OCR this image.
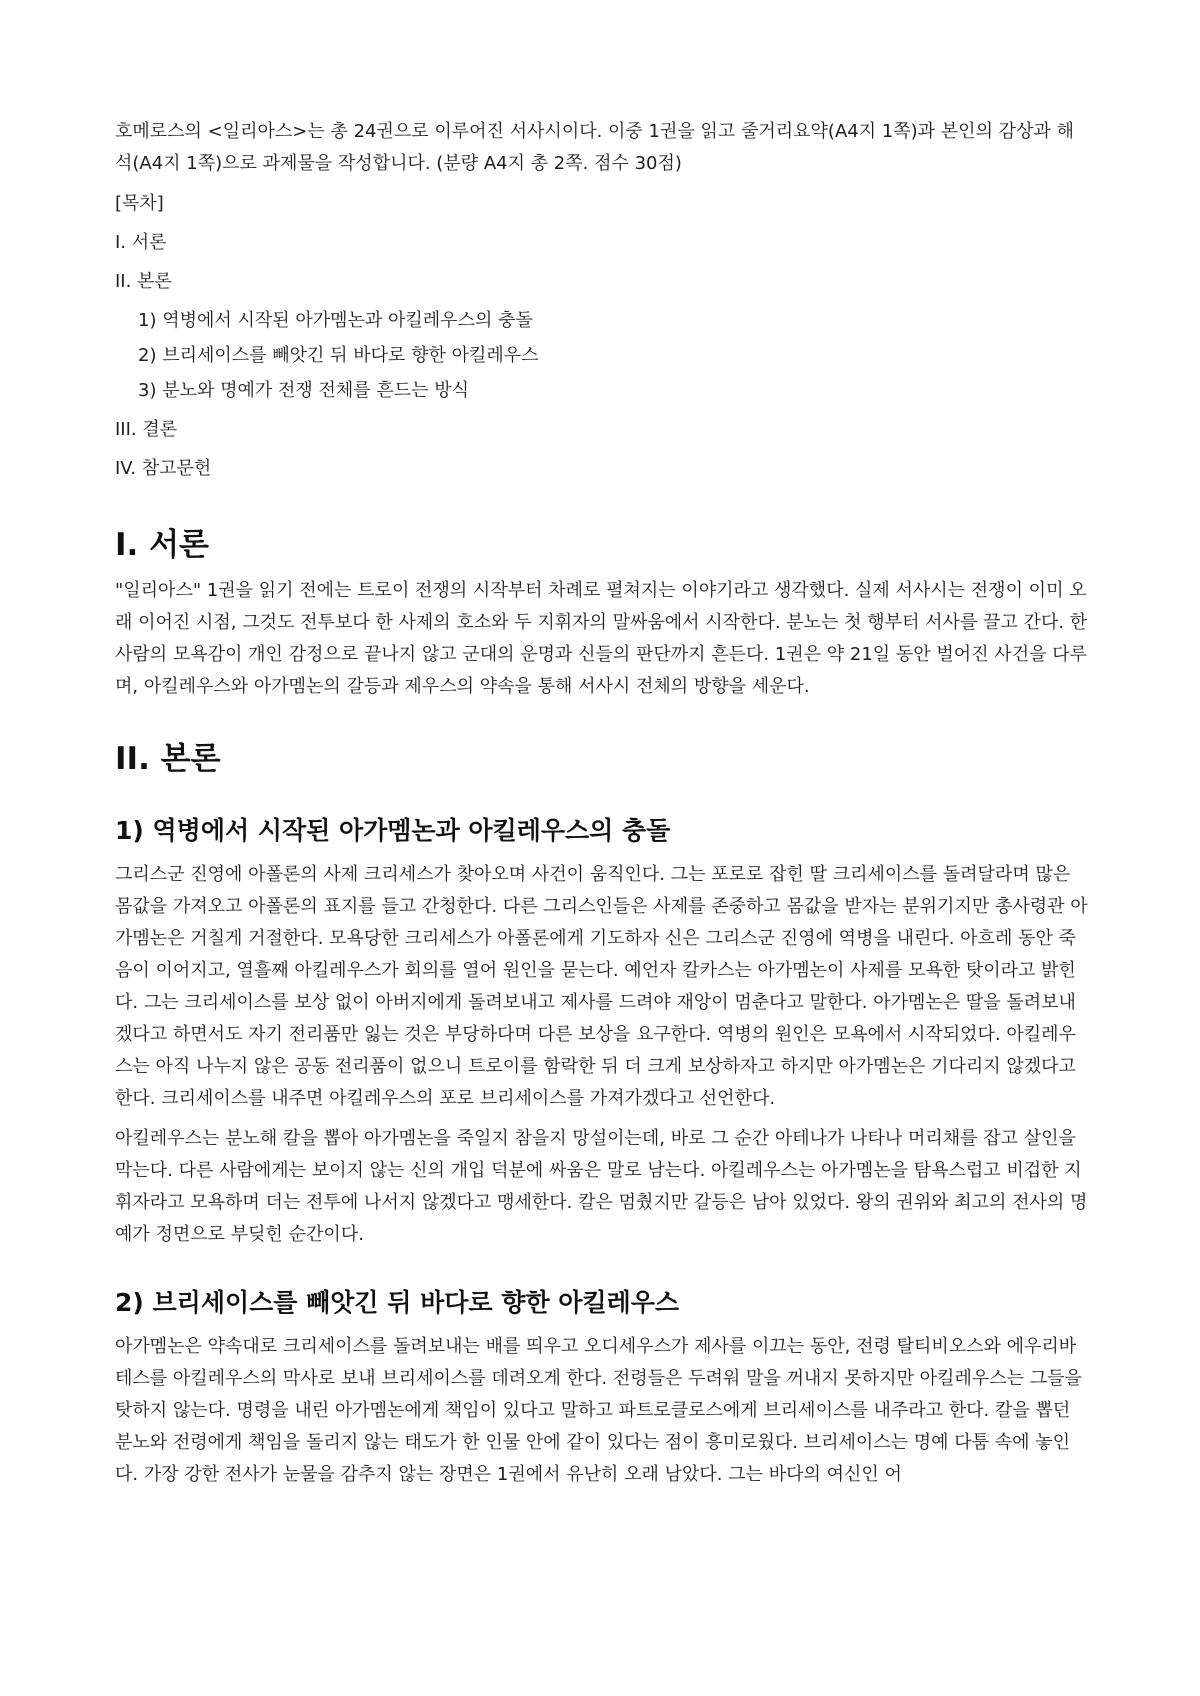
호메로스의 <일리아스>는 총 24권으로 이루어진 서사시이다. 이중 1권을 읽고 줄거리요약(A4지 1쪽)과 본인의 감상과 해석(A4지 1쪽)으로 과제물을 작성합니다. (분량 A4지 총 2쪽. 점수 30점)

[목차]

I. 서론

II. 본론

1) 역병에서 시작된 아가멤논과 아킬레우스의 충돌

2) 브리세이스를 빼앗긴 뒤 바다로 향한 아킬레우스

3) 분노와 명예가 전쟁 전체를 흔드는 방식

III. 결론

IV. 참고문헌

I. 서론

"일리아스" 1권을 읽기 전에는 트로이 전쟁의 시작부터 차례로 펼쳐지는 이야기라고 생각했다. 실제 서사시는 전쟁이 이미 오래 이어진 시점, 그것도 전투보다 한 사제의 호소와 두 지휘자의 말싸움에서 시작한다. 분노는 첫 행부터 서사를 끌고 간다. 한 사람의 모욕감이 개인 감정으로 끝나지 않고 군대의 운명과 신들의 판단까지 흔든다. 1권은 약 21일 동안 벌어진 사건을 다루며, 아킬레우스와 아가멤논의 갈등과 제우스의 약속을 통해 서사시 전체의 방향을 세운다.

II. 본론
1) 역병에서 시작된 아가멤논과 아킬레우스의 충돌

그리스군 진영에 아폴론의 사제 크리세스가 찾아오며 사건이 움직인다. 그는 포로로 잡힌 딸 크리세이스를 돌려달라며 많은 몸값을 가져오고 아폴론의 표지를 들고 간청한다. 다른 그리스인들은 사제를 존중하고 몸값을 받자는 분위기지만 총사령관 아가멤논은 거칠게 거절한다. 모욕당한 크리세스가 아폴론에게 기도하자 신은 그리스군 진영에 역병을 내린다. 아흐레 동안 죽음이 이어지고, 열흘째 아킬레우스가 회의를 열어 원인을 묻는다. 예언자 칼카스는 아가멤논이 사제를 모욕한 탓이라고 밝힌다. 그는 크리세이스를 보상 없이 아버지에게 돌려보내고 제사를 드려야 재앙이 멈춘다고 말한다. 아가멤논은 딸을 돌려보내겠다고 하면서도 자기 전리품만 잃는 것은 부당하다며 다른 보상을 요구한다. 역병의 원인은 모욕에서 시작되었다. 아킬레우스는 아직 나누지 않은 공동 전리품이 없으니 트로이를 함락한 뒤 더 크게 보상하자고 하지만 아가멤논은 기다리지 않겠다고 한다. 크리세이스를 내주면 아킬레우스의 포로 브리세이스를 가져가겠다고 선언한다.

아킬레우스는 분노해 칼을 뽑아 아가멤논을 죽일지 참을지 망설이는데, 바로 그 순간 아테나가 나타나 머리채를 잡고 살인을 막는다. 다른 사람에게는 보이지 않는 신의 개입 덕분에 싸움은 말로 남는다. 아킬레우스는 아가멤논을 탐욕스럽고 비겁한 지휘자라고 모욕하며 더는 전투에 나서지 않겠다고 맹세한다. 칼은 멈췄지만 갈등은 남아 있었다. 왕의 권위와 최고의 전사의 명예가 정면으로 부딪힌 순간이다.

2) 브리세이스를 빼앗긴 뒤 바다로 향한 아킬레우스

아가멤논은 약속대로 크리세이스를 돌려보내는 배를 띄우고 오디세우스가 제사를 이끄는 동안, 전령 탈티비오스와 에우리바테스를 아킬레우스의 막사로 보내 브리세이스를 데려오게 한다. 전령들은 두려워 말을 꺼내지 못하지만 아킬레우스는 그들을 탓하지 않는다. 명령을 내린 아가멤논에게 책임이 있다고 말하고 파트로클로스에게 브리세이스를 내주라고 한다. 칼을 뽑던 분노와 전령에게 책임을 돌리지 않는 태도가 한 인물 안에 같이 있다는 점이 흥미로웠다. 브리세이스는 명예 다툼 속에 놓인다. 가장 강한 전사가 눈물을 감추지 않는 장면은 1권에서 유난히 오래 남았다. 그는 바다의 여신인 어
